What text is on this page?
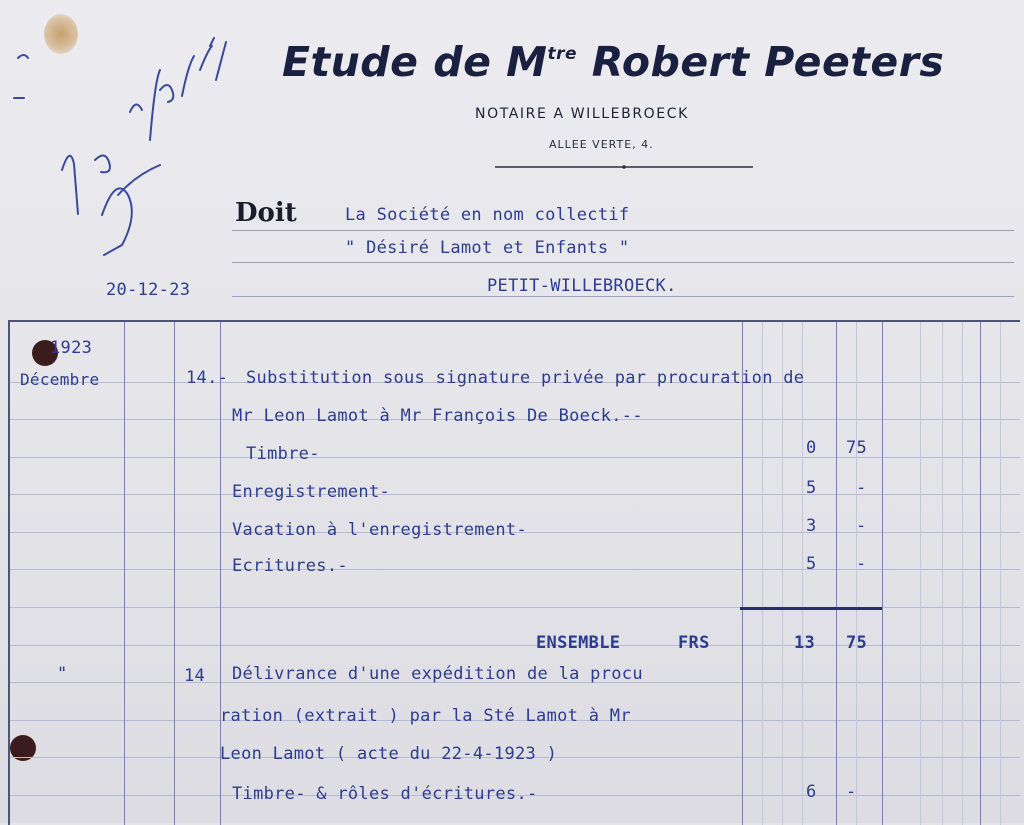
Etude de $M^{tre}$ Robert Peeters
NOTAIRE A WILLEBROECK
ALLEE VERTE, 4.
Doit	La Société en nom collectif
" Désiré Lamot et Enfants "
PETIT-WILLEBROECK.
20-12-23
1923
Décembre	14.- Substitution sous signature privée par procuration de
Mr Leon Lamot à Mr François De Boeck.--
Timbre-	0 75
Enregistrement-	5 -
Vacation à l'enregistrement-	3 -
Ecritures.-	5 -
ENSEMBLE	FRS	13 75
"	14 Délivrance d'une expédition de la procu
ration (extrait ) par la Sté Lamot à Mr
Leon Lamot ( acte du 22-4-1923 )
Timbre- & rôles d'écritures.-	6 -
